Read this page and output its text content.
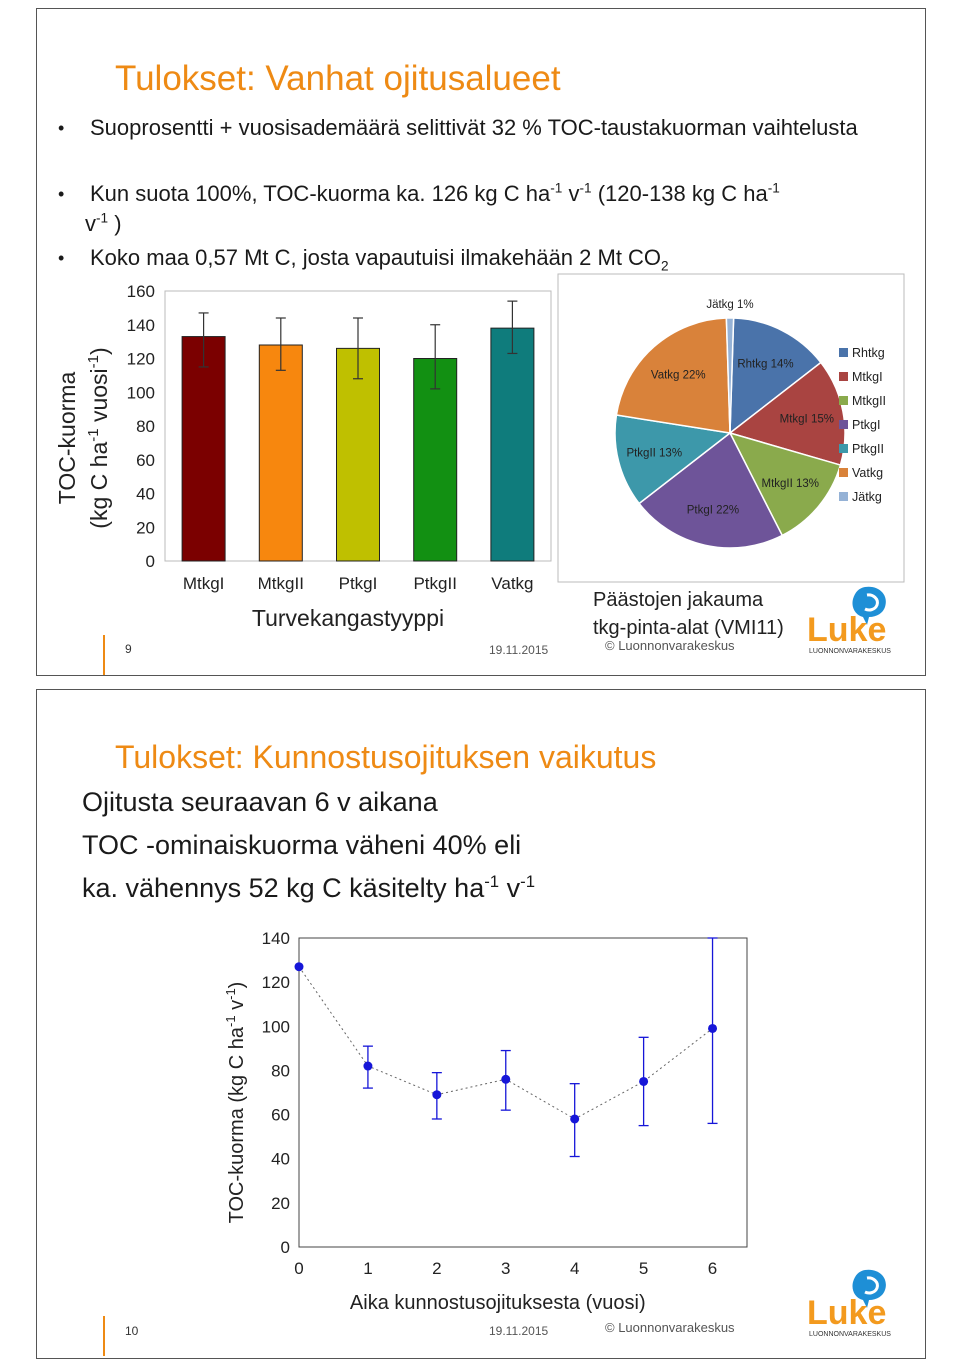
Tulokset: Vanhat ojitusalueet
• Suoprosentti + vuosisademäärä selittivät 32 % TOC-taustakuorman vaihtelusta
• Kun suota 100%, TOC-kuorma ka. 126 kg C $ha^{-1}$ $v^{-1}$ (120-138 kg C $ha^{-1}$
$v^{-1}$ )
• Koko maa 0,57 Mt C, josta vapautuisi ilmakehään 2 Mt $CO_2$
0
20
40
60
80
100
120
140
160
MtkgI MtkgII PtkgI PtkgII Vatkg
Turvekangastyyppi
TOC-kuorma (kg C $ha^{-1}$ vuosi$^{-1}$)
Rhtkg 14%
MtkgI 15%
MtkgII 13%
PtkgI 22%
PtkgII 13%
Vatkg 22%
Jätkg 1%
Rhtkg
MtkgI
MtkgII
PtkgI
PtkgII
Vatkg
Jätkg
Päästojen jakauma
tkg-pinta-alat (VMI11)
9	19.11.2015	© Luonnonvarakeskus Luke
LUONNONVARAKESKUS
Tulokset: Kunnostusojituksen vaikutus
Ojitusta seuraavan 6 v aikana
TOC -ominaiskuorma väheni 40% eli
ka. vähennys 52 kg C käsitelty $ha^{-1}$ $v^{-1}$
0
20
40
60
80
100
120
140
0	1	2	3	4	5	6
Aika kunnostusojituksesta (vuosi)
TOC-kuorma (kg C $ha^{-1}$ $v^{-1}$)
10	19.11.2015	© Luonnonvarakeskus Luke
LUONNONVARAKESKUS
